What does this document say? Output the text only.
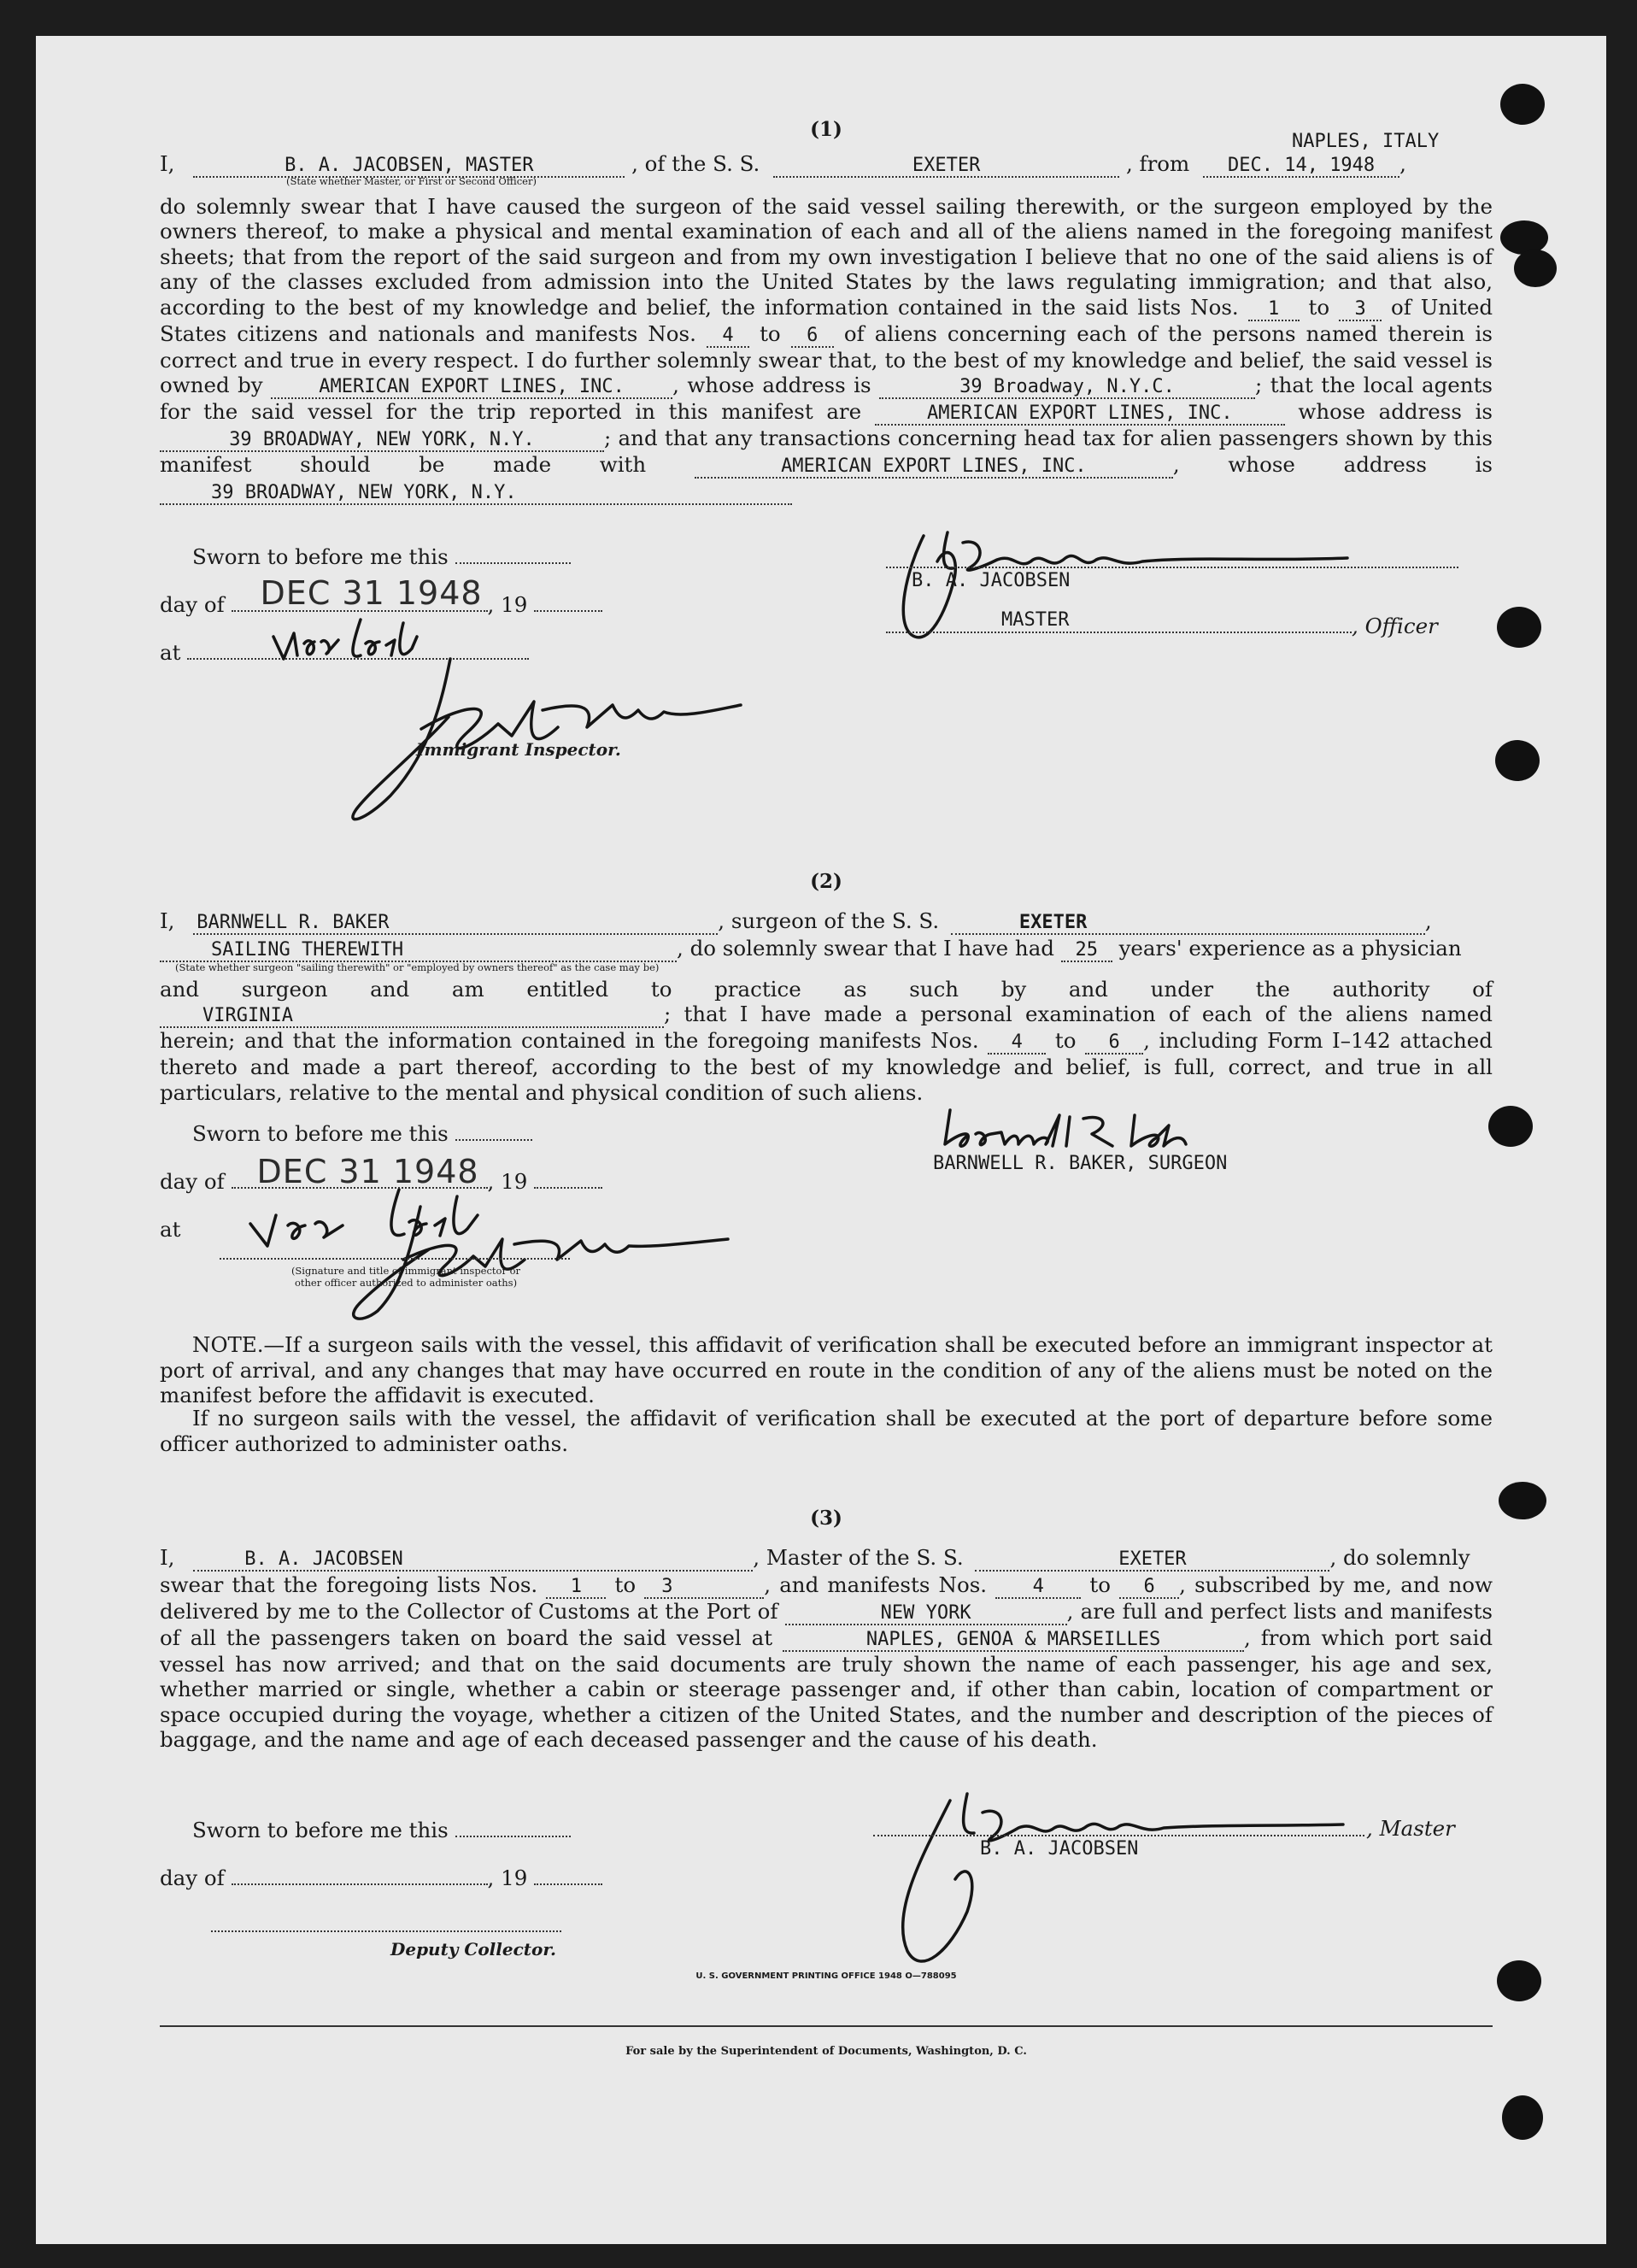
(1)
NAPLES, ITALY
I,	B. A. JACOBSEN, MASTER	, of the S. S.	EXETER	, from DEC. 14, 1948 ,
(State whether Master, or First or Second Officer)
do solemnly swear that I have caused the surgeon of the said vessel sailing therewith, or the surgeon employed by the owners thereof, to make a physical and mental examination of each and all of the aliens named in the foregoing manifest sheets; that from the report of the said surgeon and from my own investigation I believe that no one of the said aliens is of any of the classes excluded from admission into the United States by the laws regulating immigration; and that also, according to the best of my knowledge and belief, the information contained in the said lists Nos. 1 to 3 of United States citizens and nationals and manifests Nos. 4 to 6 of aliens concerning each of the persons named therein is correct and true in every respect. I do further solemnly swear that, to the best of my knowledge and belief, the said vessel is owned by	AMERICAN EXPORT LINES, INC. , whose address is	39 Broadway, N.Y.C.	; that the local agents for the said vessel for the trip reported in this manifest are	AMERICAN EXPORT LINES, INC.	whose address is 39 BROADWAY, NEW YORK, N.Y.	; and that any transactions concerning head tax for alien passengers shown by this manifest should be made with	AMERICAN EXPORT LINES, INC.	, whose address is 39 BROADWAY, NEW YORK, N.Y.
Sworn to before me this
day of DEC 31 1948 , 19
at
Immigrant Inspector.
B. A. JACOBSEN
MASTER	, Officer
(2)
I, BARNWELL R. BAKER	, surgeon of the S. S.	EXETER	,
SAILING THEREWITH	, do solemnly swear that I have had 25 years' experience as a physician
(State whether surgeon "sailing therewith" or "employed by owners thereof" as the case may be)
and surgeon and am entitled to practice as such by and under the authority of VIRGINIA	; that I have made a personal examination of each of the aliens named herein; and that the information contained in the foregoing manifests Nos. 4 to 6 , including Form I–142 attached thereto and made a part thereof, according to the best of my knowledge and belief, is full, correct, and true in all particulars, relative to the mental and physical condition of such aliens.
Sworn to before me this
day of DEC 31 1948 , 19
at
(Signature and title of immigrant inspector or
other officer authorized to administer oaths)
BARNWELL R. BAKER, SURGEON
NOTE.—If a surgeon sails with the vessel, this affidavit of verification shall be executed before an immigrant inspector at port of arrival, and any changes that may have occurred en route in the condition of any of the aliens must be noted on the manifest before the affidavit is executed.
If no surgeon sails with the vessel, the affidavit of verification shall be executed at the port of departure before some officer authorized to administer oaths.
(3)
I,	B. A. JACOBSEN	, Master of the S. S.	EXETER	, do solemnly
swear that the foregoing lists Nos. 1 to 3	, and manifests Nos. 4 to 6 , subscribed by me, and now delivered by me to the Collector of Customs at the Port of	NEW YORK	, are full and perfect lists and manifests of all the passengers taken on board the said vessel at	NAPLES, GENOA & MARSEILLES	, from which port said vessel has now arrived; and that on the said documents are truly shown the name of each passenger, his age and sex, whether married or single, whether a cabin or steerage passenger and, if other than cabin, location of compartment or space occupied during the voyage, whether a citizen of the United States, and the number and description of the pieces of baggage, and the name and age of each deceased passenger and the cause of his death.
Sworn to before me this
day of	, 19
Deputy Collector.
, Master
B. A. JACOBSEN
U. S. GOVERNMENT PRINTING OFFICE 1948 O—788095
For sale by the Superintendent of Documents, Washington, D. C.
